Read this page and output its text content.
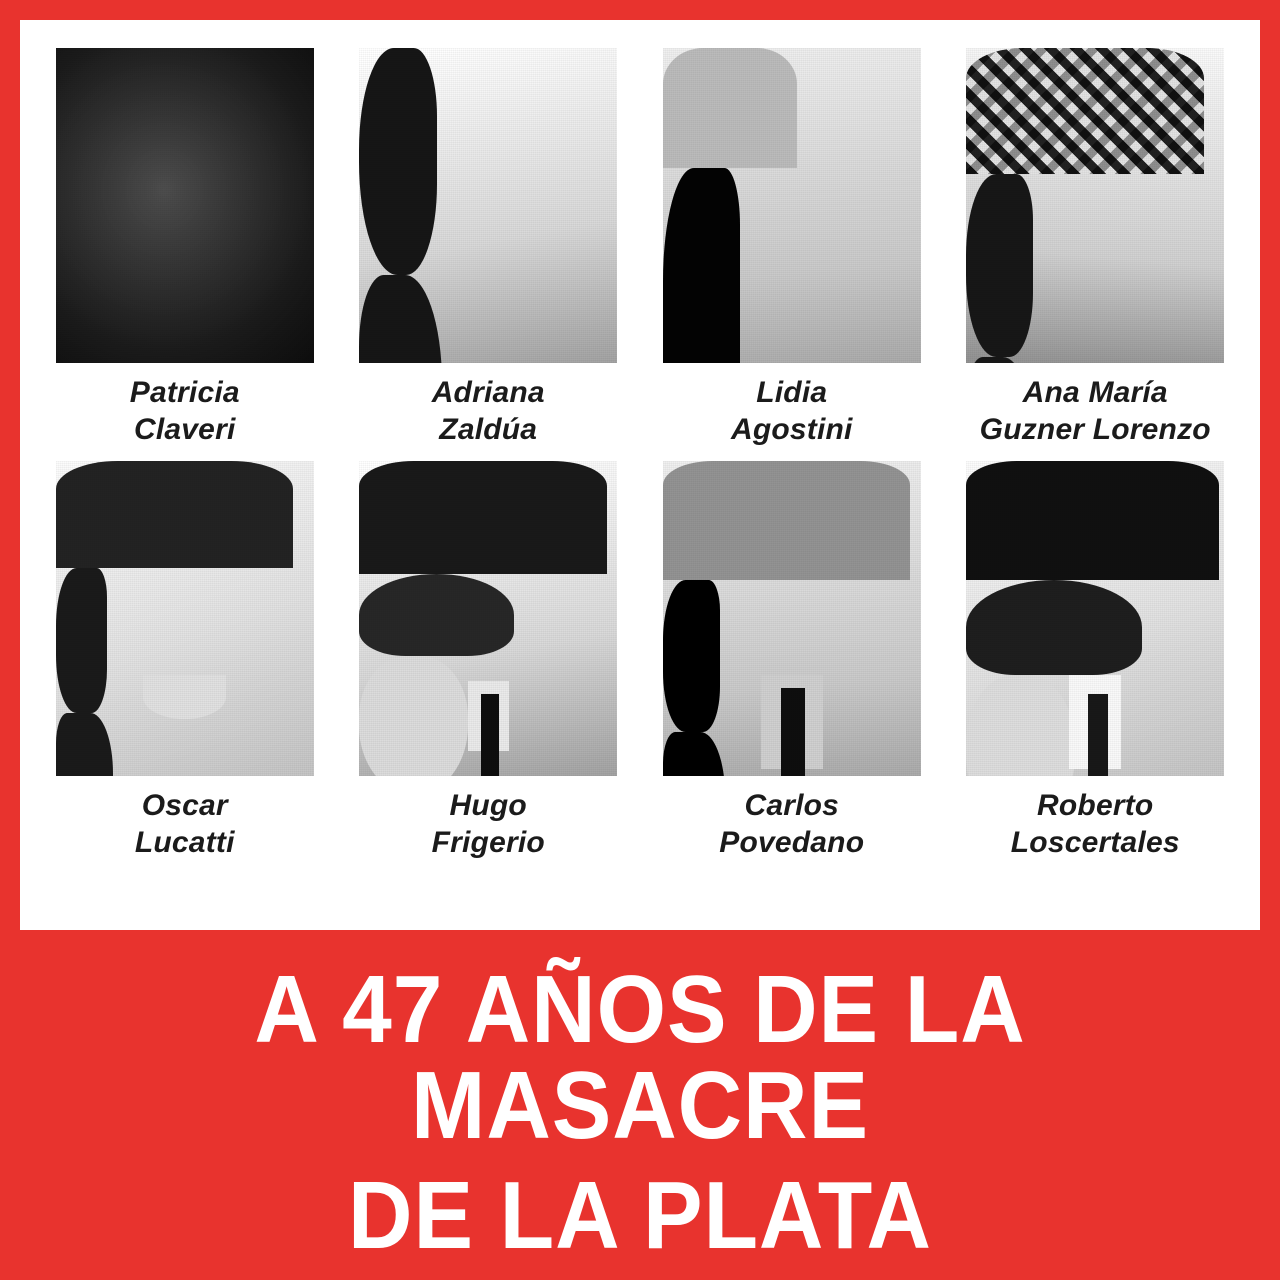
Patricia
Claveri
Adriana
Zaldúa
Lidia
Agostini
Ana María
Guzner Lorenzo
Oscar
Lucatti
Hugo
Frigerio
Carlos
Povedano
Roberto
Loscertales
A 47 AÑOS DE LA MASACRE
DE LA PLATA
